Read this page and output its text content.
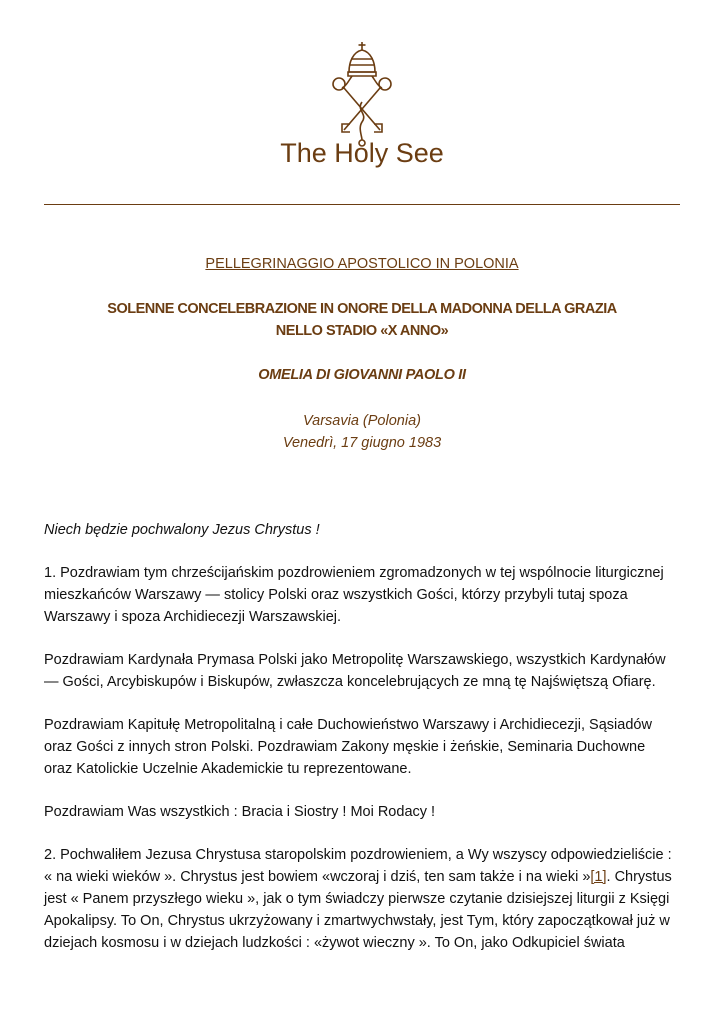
The Holy See
PELLEGRINAGGIO APOSTOLICO IN POLONIA
SOLENNE CONCELEBRAZIONE IN ONORE DELLA MADONNA DELLA GRAZIA
NELLO STADIO «X ANNO»
OMELIA DI GIOVANNI PAOLO II
Varsavia (Polonia)
Venedrì, 17 giugno 1983

Niech będzie pochwalony Jezus Chrystus !

1. Pozdrawiam tym chrześcijańskim pozdrowieniem zgromadzonych w tej wspólnocie liturgicznej
mieszkańców Warszawy — stolicy Polski oraz wszystkich Gości, którzy przybyli tutaj spoza
Warszawy i spoza Archidiecezji Warszawskiej.

Pozdrawiam Kardynała Prymasa Polski jako Metropolitę Warszawskiego, wszystkich Kardynałów
— Gości, Arcybiskupów i Biskupów, zwłaszcza koncelebrujących ze mną tę Najświętszą Ofiarę.

Pozdrawiam Kapitułę Metropolitalną i całe Duchowieństwo Warszawy i Archidiecezji, Sąsiadów
oraz Gości z innych stron Polski. Pozdrawiam Zakony męskie i żeńskie, Seminaria Duchowne
oraz Katolickie Uczelnie Akademickie tu reprezentowane.

Pozdrawiam Was wszystkich : Bracia i Siostry ! Moi Rodacy !

2. Pochwaliłem Jezusa Chrystusa staropolskim pozdrowieniem, a Wy wszyscy odpowiedzieliście :
« na wieki wieków ». Chrystus jest bowiem «wczoraj i dziś, ten sam także i na wieki »[1]. Chrystus
jest « Panem przyszłego wieku », jak o tym świadczy pierwsze czytanie dzisiejszej liturgii z Księgi
Apokalipsy. To On, Chrystus ukrzyżowany i zmartwychwstały, jest Tym, który zapoczątkował już w
dziejach kosmosu i w dziejach ludzkości : «żywot wieczny ». To On, jako Odkupiciel świata
